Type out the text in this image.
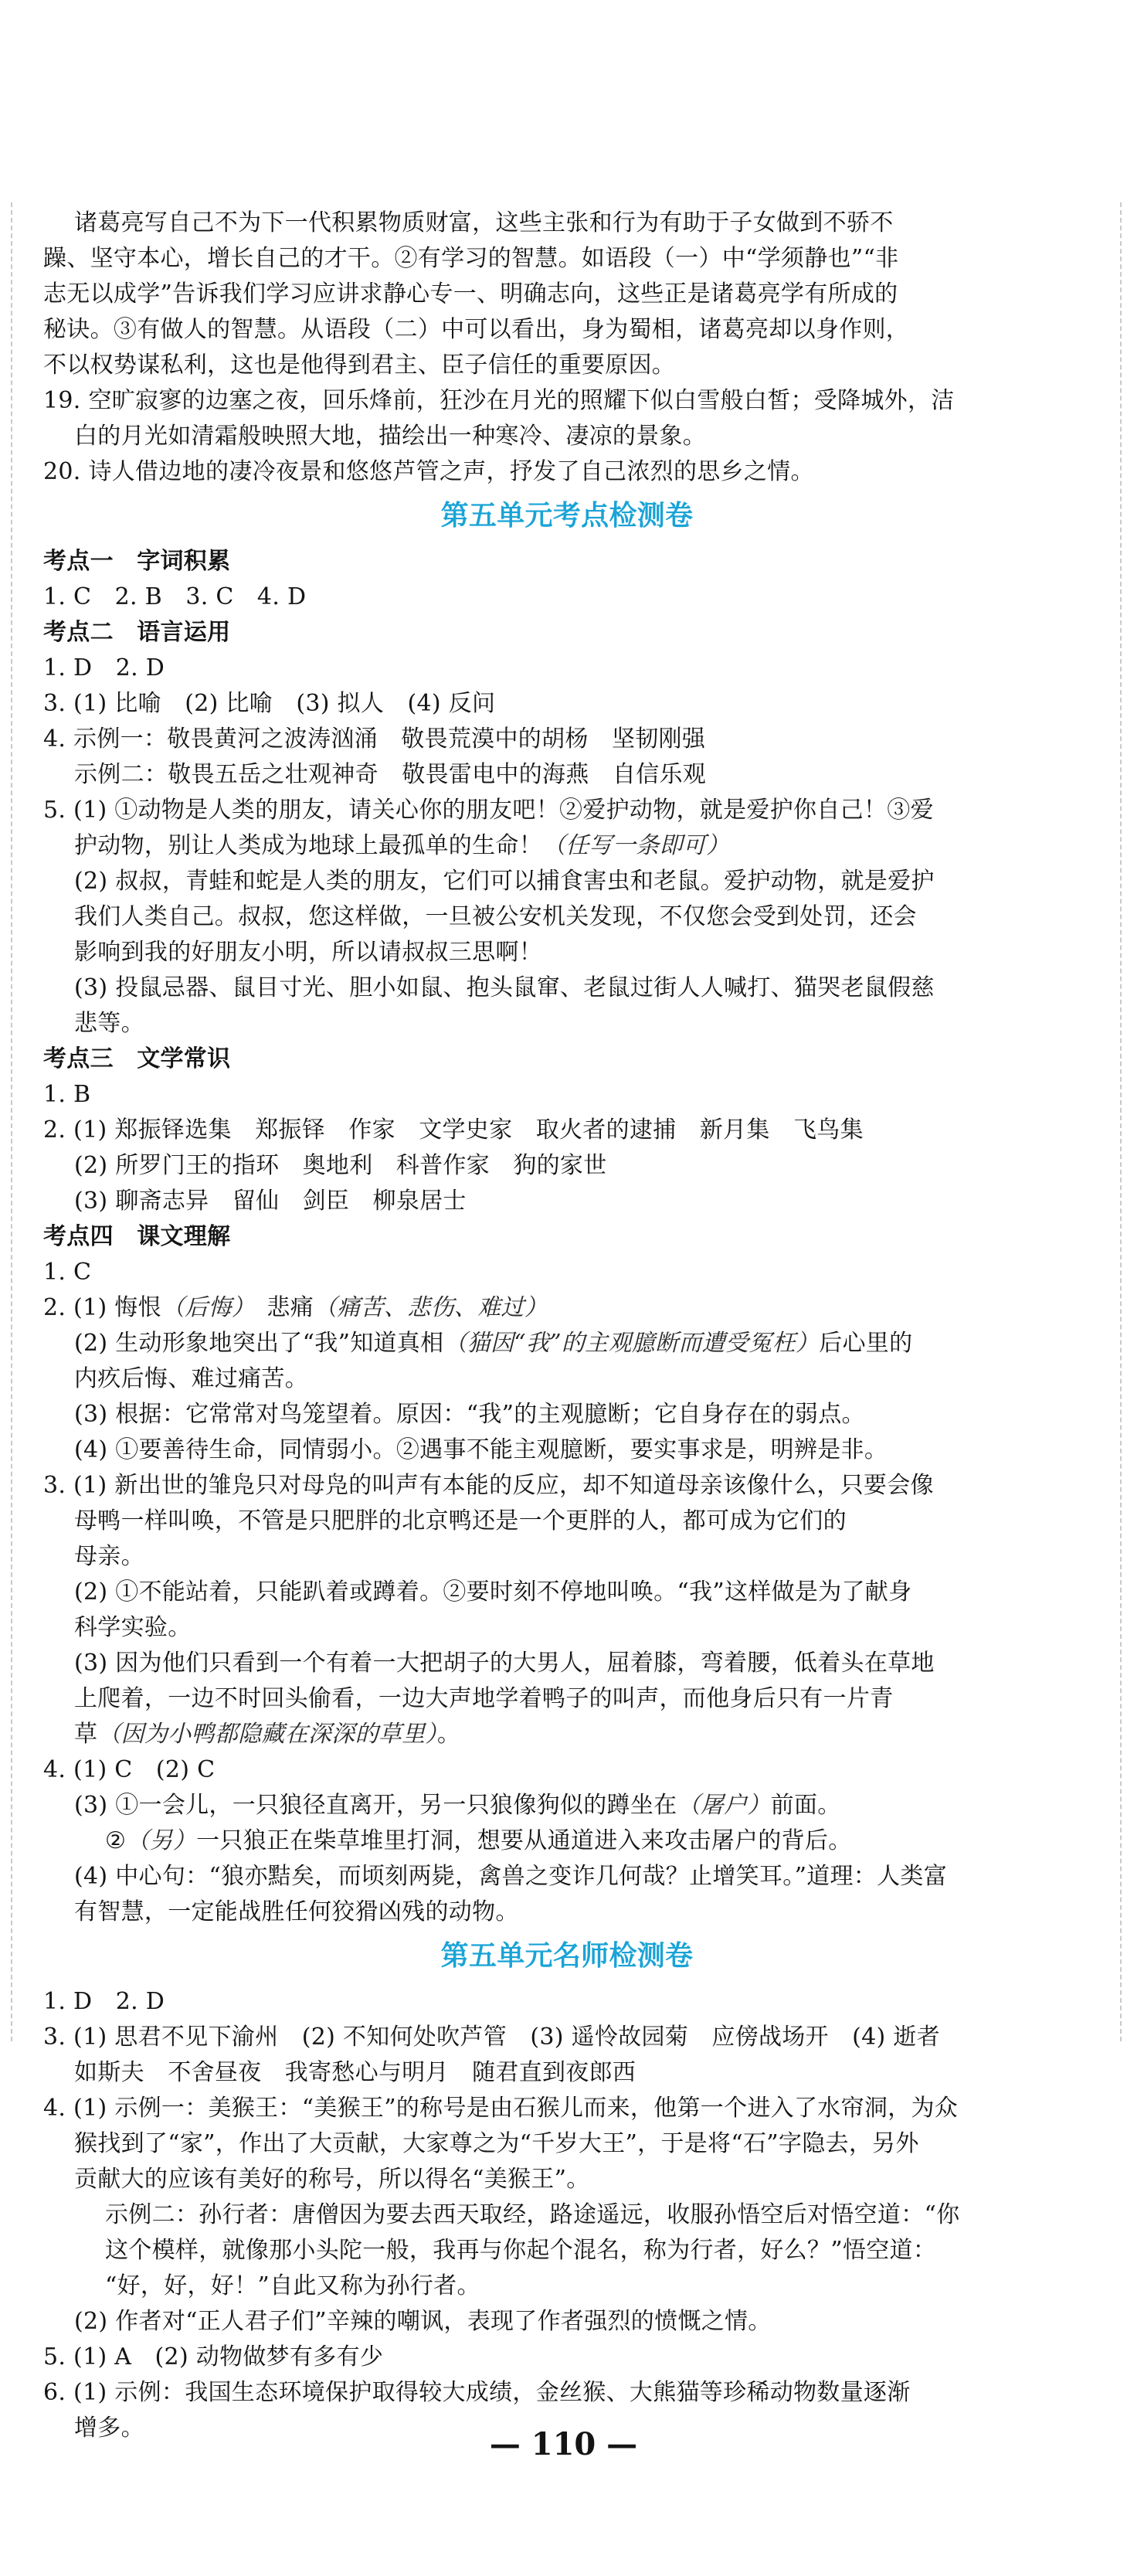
诸葛亮写自己不为下一代积累物质财富，这些主张和行为有助于子女做到不骄不

躁、坚守本心，增长自己的才干。②有学习的智慧。如语段（一）中“学须静也”“非

志无以成学”告诉我们学习应讲求静心专一、明确志向，这些正是诸葛亮学有所成的

秘诀。③有做人的智慧。从语段（二）中可以看出，身为蜀相，诸葛亮却以身作则，

不以权势谋私利，这也是他得到君主、臣子信任的重要原因。

19. 空旷寂寥的边塞之夜，回乐烽前，狂沙在月光的照耀下似白雪般白皙；受降城外，洁

白的月光如清霜般映照大地，描绘出一种寒冷、凄凉的景象。

20. 诗人借边地的凄冷夜景和悠悠芦管之声，抒发了自己浓烈的思乡之情。

第五单元考点检测卷

考点一　字词积累

1. C　2. B　3. C　4. D

考点二　语言运用

1. D　2. D

3. (1) 比喻　(2) 比喻　(3) 拟人　(4) 反问

4. 示例一：敬畏黄河之波涛汹涌　敬畏荒漠中的胡杨　坚韧刚强

示例二：敬畏五岳之壮观神奇　敬畏雷电中的海燕　自信乐观

5. (1) ①动物是人类的朋友，请关心你的朋友吧！②爱护动物，就是爱护你自己！③爱

护动物，别让人类成为地球上最孤单的生命！（任写一条即可）

(2) 叔叔，青蛙和蛇是人类的朋友，它们可以捕食害虫和老鼠。爱护动物，就是爱护

我们人类自己。叔叔，您这样做，一旦被公安机关发现，不仅您会受到处罚，还会

影响到我的好朋友小明，所以请叔叔三思啊！

(3) 投鼠忌器、鼠目寸光、胆小如鼠、抱头鼠窜、老鼠过街人人喊打、猫哭老鼠假慈

悲等。

考点三　文学常识

1. B

2. (1) 郑振铎选集　郑振铎　作家　文学史家　取火者的逮捕　新月集　飞鸟集

(2) 所罗门王的指环　奥地利　科普作家　狗的家世

(3) 聊斋志异　留仙　剑臣　柳泉居士

考点四　课文理解

1. C

2. (1) 悔恨（后悔）　悲痛（痛苦、悲伤、难过）

(2) 生动形象地突出了“我”知道真相（猫因“我”的主观臆断而遭受冤枉）后心里的

内疚后悔、难过痛苦。

(3) 根据：它常常对鸟笼望着。原因：“我”的主观臆断；它自身存在的弱点。

(4) ①要善待生命，同情弱小。②遇事不能主观臆断，要实事求是，明辨是非。

3. (1) 新出世的雏凫只对母凫的叫声有本能的反应，却不知道母亲该像什么，只要会像

母鸭一样叫唤，不管是只肥胖的北京鸭还是一个更胖的人，都可成为它们的

母亲。

(2) ①不能站着，只能趴着或蹲着。②要时刻不停地叫唤。“我”这样做是为了献身

科学实验。

(3) 因为他们只看到一个有着一大把胡子的大男人，屈着膝，弯着腰，低着头在草地

上爬着，一边不时回头偷看，一边大声地学着鸭子的叫声，而他身后只有一片青

草（因为小鸭都隐藏在深深的草里）。

4. (1) C　(2) C

(3) ①一会儿，一只狼径直离开，另一只狼像狗似的蹲坐在（屠户）前面。

②（另）一只狼正在柴草堆里打洞，想要从通道进入来攻击屠户的背后。

(4) 中心句：“狼亦黠矣，而顷刻两毙，禽兽之变诈几何哉？止增笑耳。”道理：人类富

有智慧，一定能战胜任何狡猾凶残的动物。

第五单元名师检测卷

1. D　2. D

3. (1) 思君不见下渝州　(2) 不知何处吹芦管　(3) 遥怜故园菊　应傍战场开　(4) 逝者

如斯夫　不舍昼夜　我寄愁心与明月　随君直到夜郎西

4. (1) 示例一：美猴王：“美猴王”的称号是由石猴儿而来，他第一个进入了水帘洞，为众

猴找到了“家”，作出了大贡献，大家尊之为“千岁大王”，于是将“石”字隐去，另外

贡献大的应该有美好的称号，所以得名“美猴王”。

示例二：孙行者：唐僧因为要去西天取经，路途遥远，收服孙悟空后对悟空道：“你

这个模样，就像那小头陀一般，我再与你起个混名，称为行者，好么？”悟空道：

“好，好，好！”自此又称为孙行者。

(2) 作者对“正人君子们”辛辣的嘲讽，表现了作者强烈的愤慨之情。

5. (1) A　(2) 动物做梦有多有少

6. (1) 示例：我国生态环境保护取得较大成绩，金丝猴、大熊猫等珍稀动物数量逐渐

增多。	— 110 —
